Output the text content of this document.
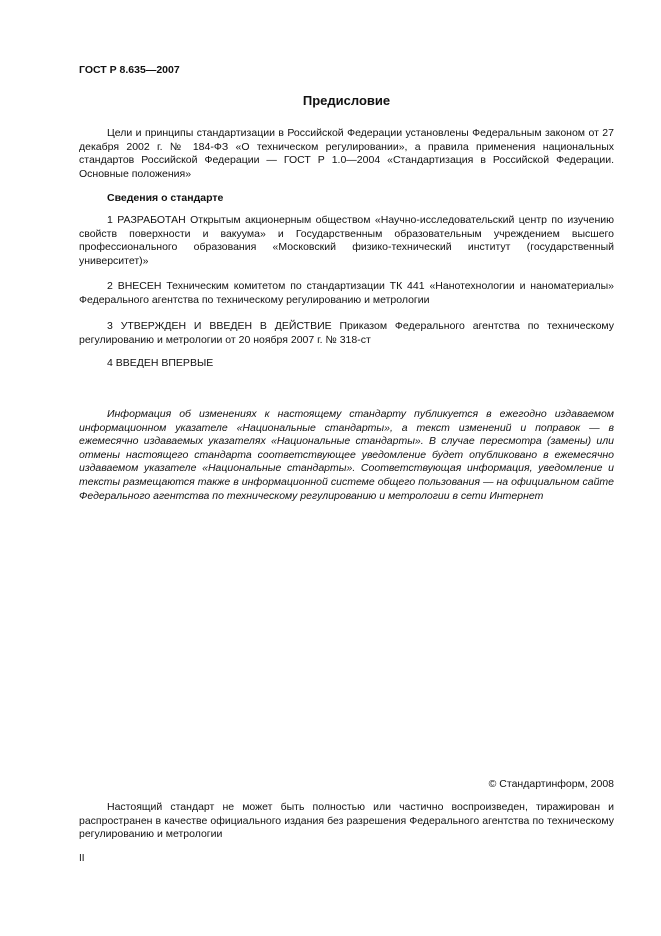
ГОСТ Р 8.635—2007
Предисловие
Цели и принципы стандартизации в Российской Федерации установлены Федеральным законом от 27 декабря 2002 г. № 184-ФЗ «О техническом регулировании», а правила применения национальных стандартов Российской Федерации — ГОСТ Р 1.0—2004 «Стандартизация в Российской Федерации. Основные положения»
Сведения о стандарте
1 РАЗРАБОТАН Открытым акционерным обществом «Научно-исследовательский центр по изучению свойств поверхности и вакуума» и Государственным образовательным учреждением высшего профессионального образования «Московский физико-технический институт (государственный университет)»
2 ВНЕСЕН Техническим комитетом по стандартизации ТК 441 «Нанотехнологии и наноматериалы» Федерального агентства по техническому регулированию и метрологии
3 УТВЕРЖДЕН И ВВЕДЕН В ДЕЙСТВИЕ Приказом Федерального агентства по техническому регулированию и метрологии от 20 ноября 2007 г. № 318-ст
4 ВВЕДЕН ВПЕРВЫЕ
Информация об изменениях к настоящему стандарту публикуется в ежегодно издаваемом информационном указателе «Национальные стандарты», а текст изменений и поправок — в ежемесячно издаваемых указателях «Национальные стандарты». В случае пересмотра (замены) или отмены настоящего стандарта соответствующее уведомление будет опубликовано в ежемесячно издаваемом указателе «Национальные стандарты». Соответствующая информация, уведомление и тексты размещаются также в информационной системе общего пользования — на официальном сайте Федерального агентства по техническому регулированию и метрологии в сети Интернет
© Стандартинформ, 2008
Настоящий стандарт не может быть полностью или частично воспроизведен, тиражирован и распространен в качестве официального издания без разрешения Федерального агентства по техническому регулированию и метрологии
II
